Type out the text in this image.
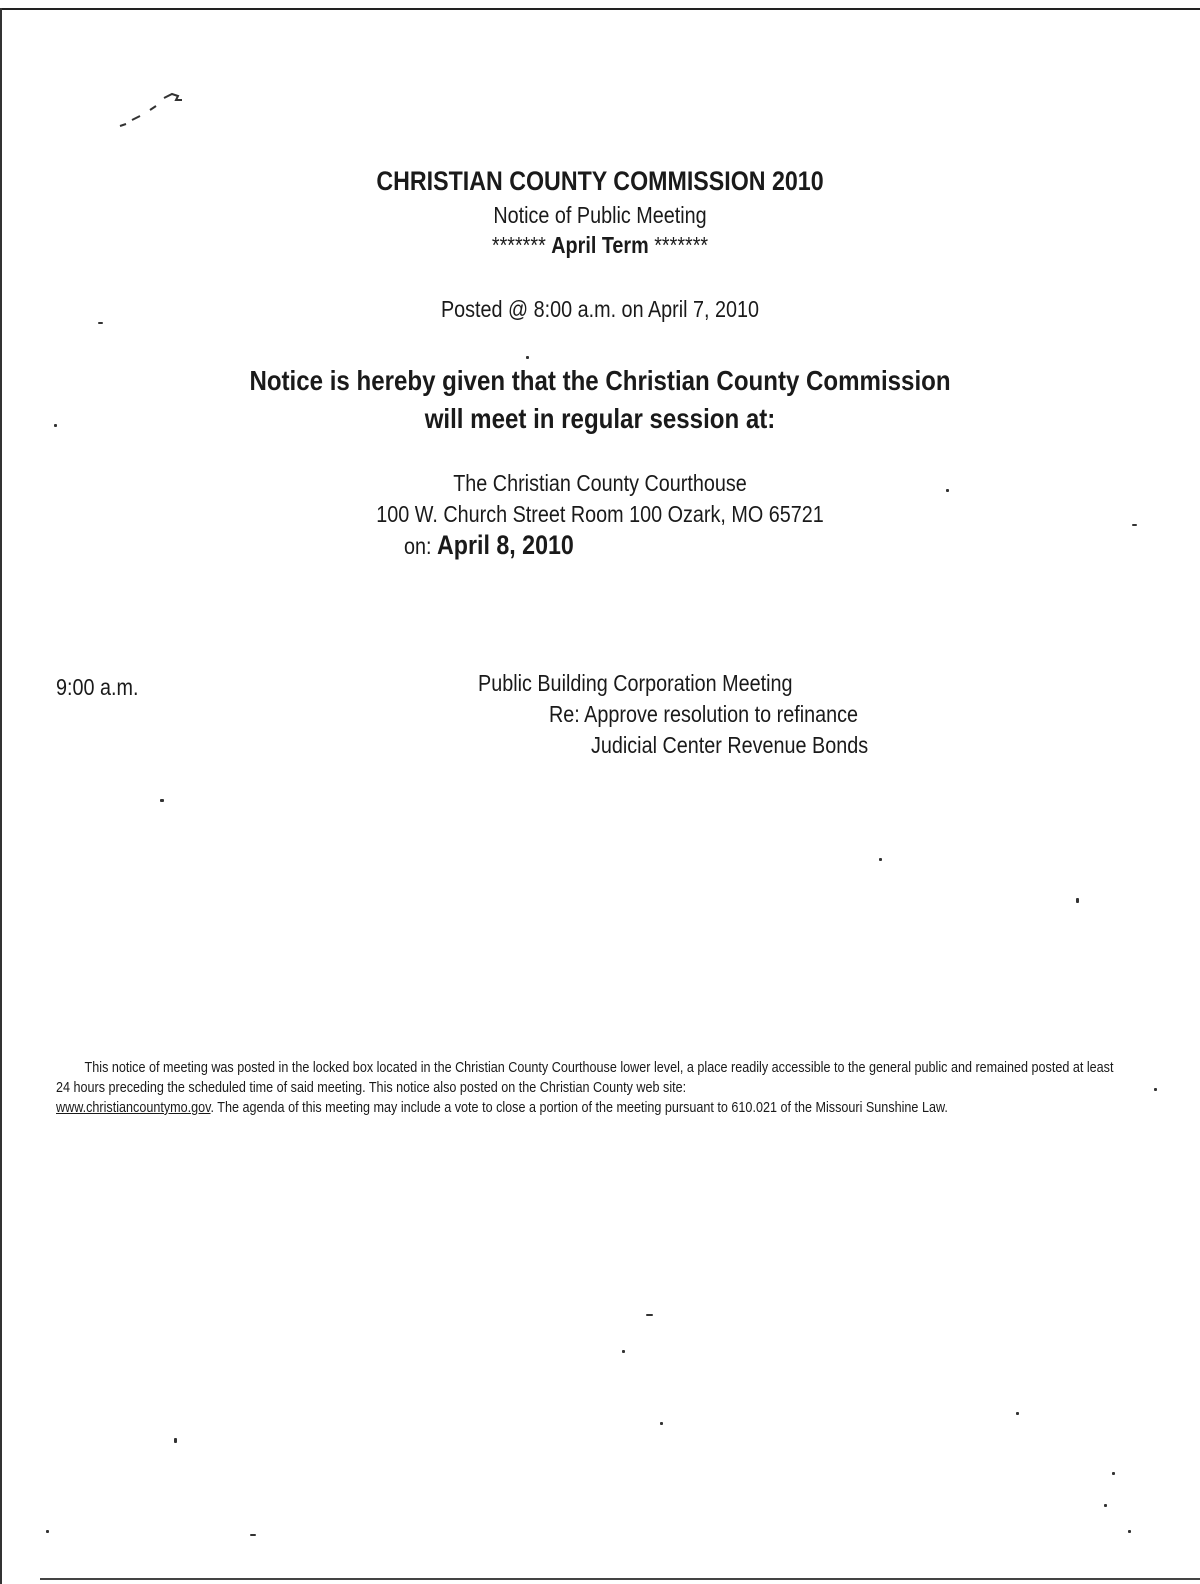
CHRISTIAN COUNTY COMMISSION 2010
Notice of Public Meeting
******* April Term *******
Posted @ 8:00 a.m. on April 7, 2010
Notice is hereby given that the Christian County Commission
will meet in regular session at:
The Christian County Courthouse
100 W. Church Street Room 100 Ozark, MO 65721
on: April 8, 2010
9:00 a.m.	Public Building Corporation Meeting
Re: Approve resolution to refinance
Judicial Center Revenue Bonds
This notice of meeting was posted in the locked box located in the Christian County Courthouse lower level, a place readily accessible to the general public and remained posted at least 24 hours preceding the scheduled time of said meeting. This notice also posted on the Christian County web site:
www.christiancountymo.gov. The agenda of this meeting may include a vote to close a portion of the meeting pursuant to 610.021 of the Missouri Sunshine Law.
